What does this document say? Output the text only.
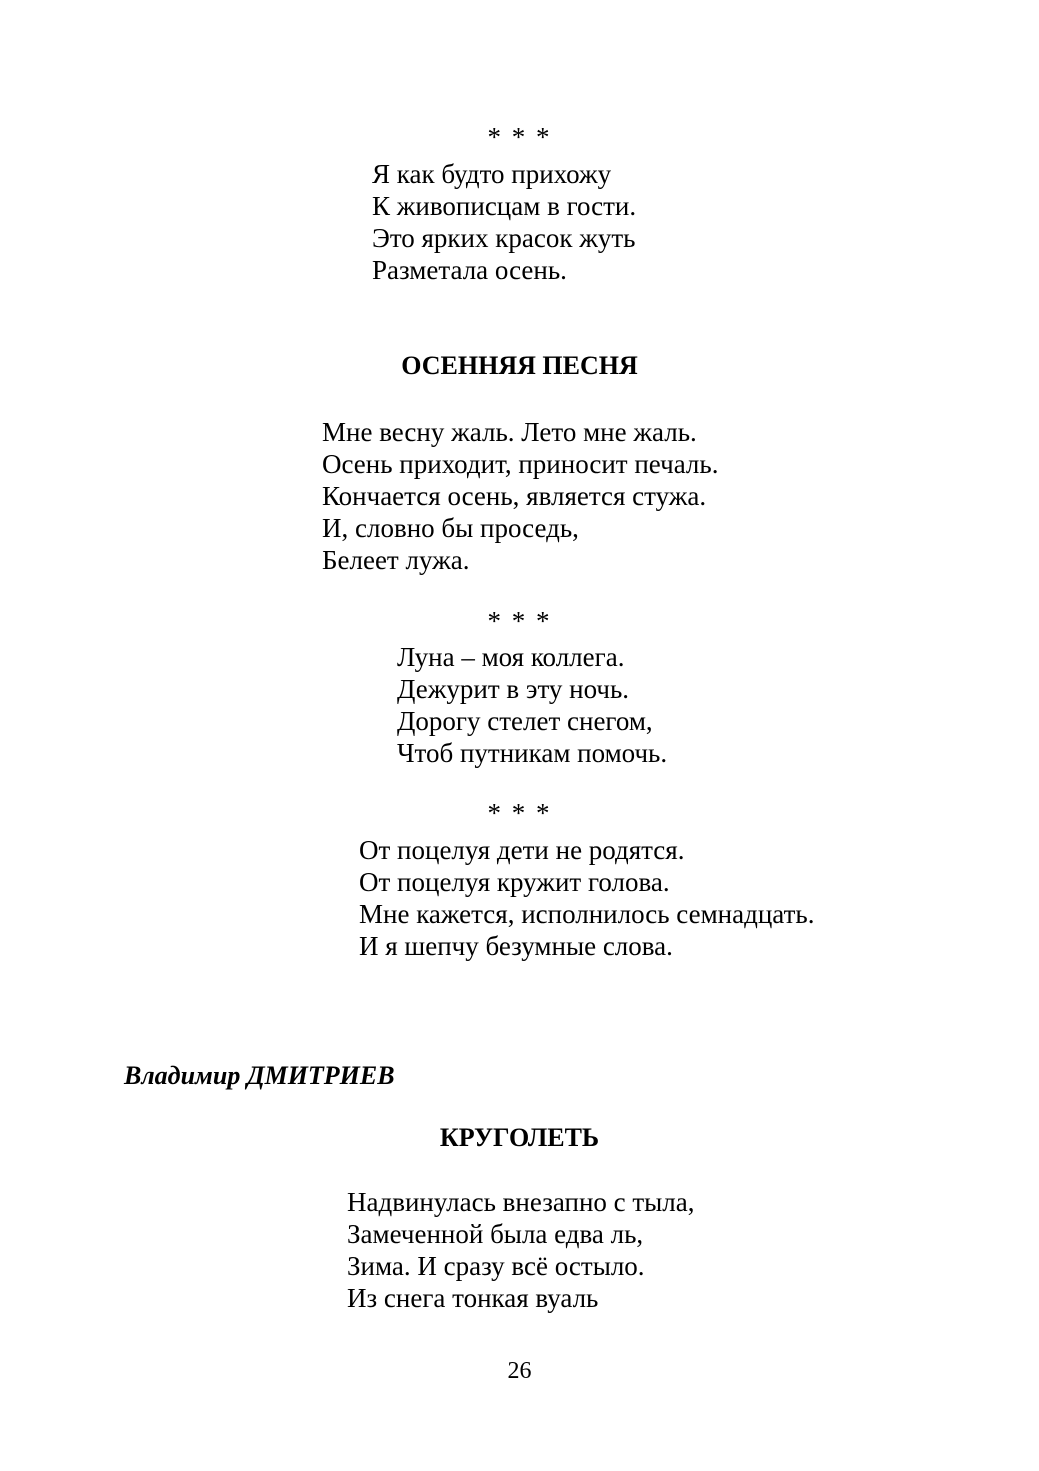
* * *
Я как будто прихожу
К живописцам в гости.
Это ярких красок жуть
Разметала осень.
ОСЕННЯЯ ПЕСНЯ
Мне весну жаль. Лето мне жаль.
Осень приходит, приносит печаль.
Кончается осень, является стужа.
И, словно бы проседь,
Белеет лужа.
* * *
Луна – моя коллега.
Дежурит в эту ночь.
Дорогу стелет снегом,
Чтоб путникам помочь.
* * *
От поцелуя дети не родятся.
От поцелуя кружит голова.
Мне кажется, исполнилось семнадцать.
И я шепчу безумные слова.
Владимир ДМИТРИЕВ
КРУГОЛЕТЬ
Надвинулась внезапно с тыла,
Замеченной была едва ль,
Зима. И сразу всё остыло.
Из снега тонкая вуаль
26
